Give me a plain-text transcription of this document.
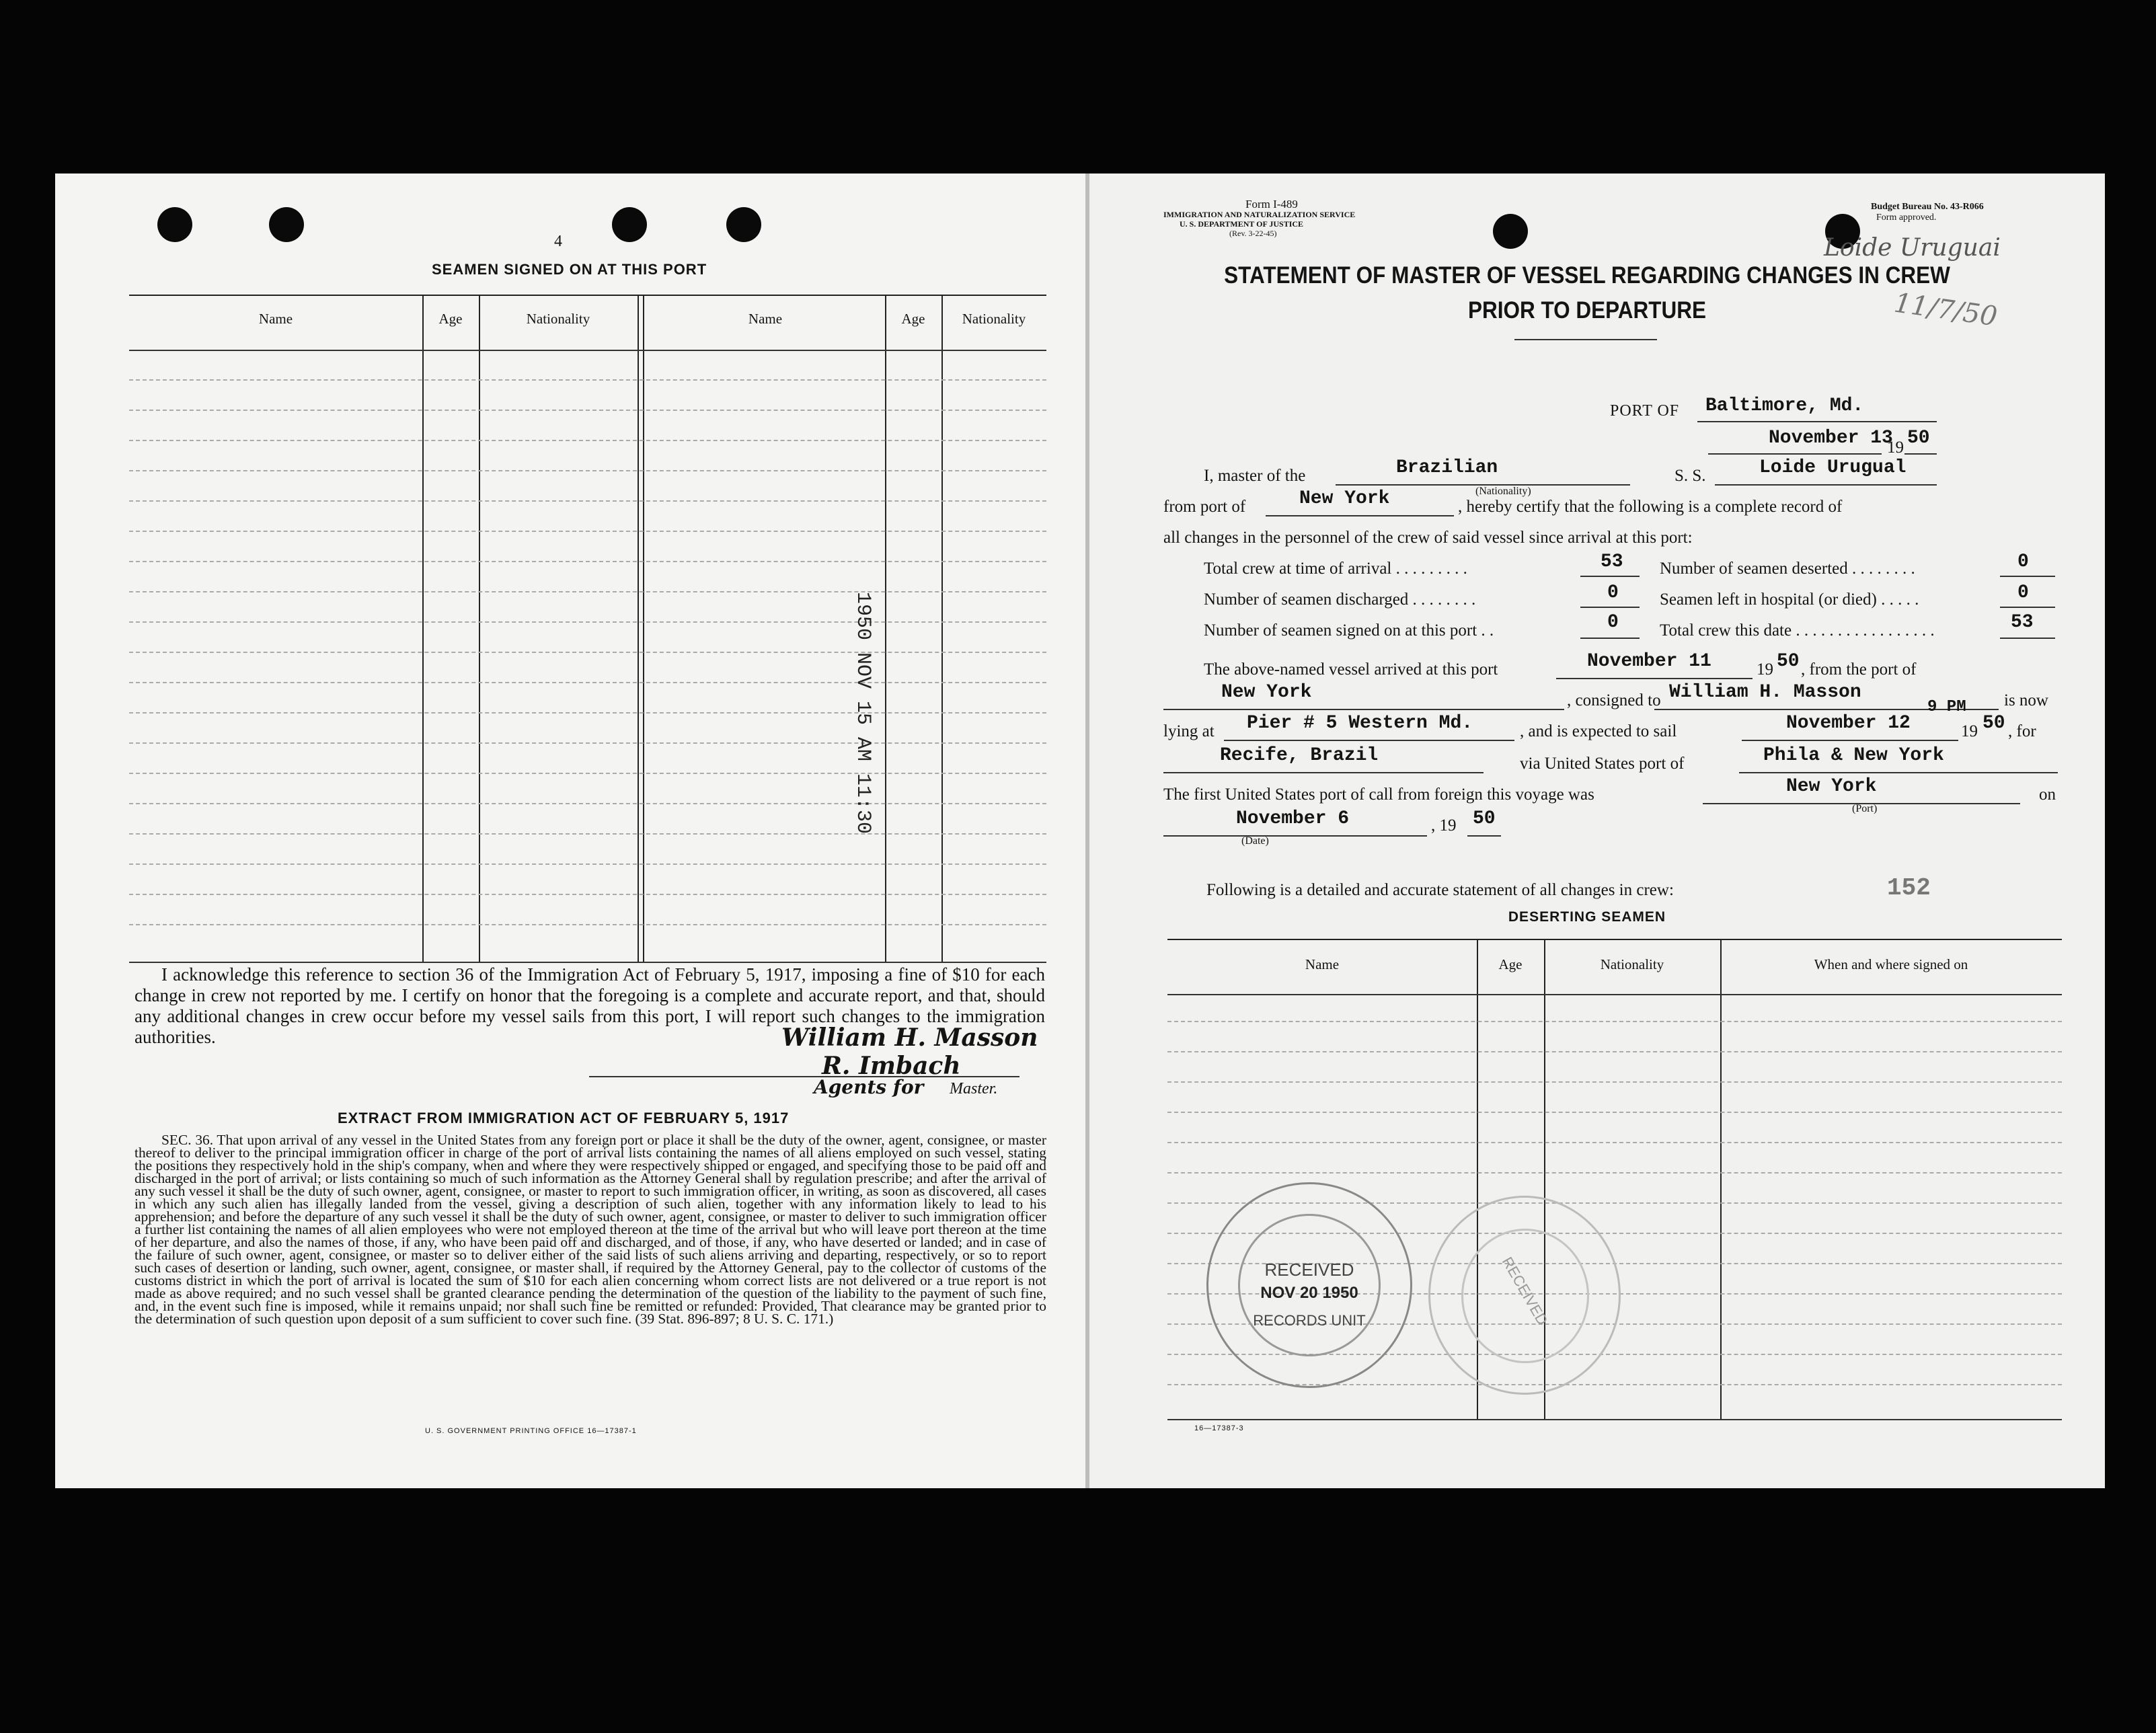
4
SEAMEN SIGNED ON AT THIS PORT
Name	Age	Nationality	Name	Age	Nationality
1950 NOV 15 AM 11:30
I acknowledge this reference to section 36 of the Immigration Act of February 5, 1917, imposing a fine of $10 for each change in crew not reported by me. I certify on honor that the foregoing is a complete and accurate report, and that, should any additional changes in crew occur before my vessel sails from this port, I will report such changes to the immigration authorities.	William H. Masson
R. Imbach
Agents for Master.
EXTRACT FROM IMMIGRATION ACT OF FEBRUARY 5, 1917
SEC. 36. That upon arrival of any vessel in the United States from any foreign port or place it shall be the duty of the owner, agent, consignee, or master thereof to deliver to the principal immigration officer in charge of the port of arrival lists containing the names of all aliens employed on such vessel, stating the positions they respectively hold in the ship's company, when and where they were respectively shipped or engaged, and specifying those to be paid off and discharged in the port of arrival; or lists containing so much of such information as the Attorney General shall by regulation prescribe; and after the arrival of any such vessel it shall be the duty of such owner, agent, consignee, or master to report to such immigration officer, in writing, as soon as discovered, all cases in which any such alien has illegally landed from the vessel, giving a description of such alien, together with any information likely to lead to his apprehension; and before the departure of any such vessel it shall be the duty of such owner, agent, consignee, or master to deliver to such immigration officer a further list containing the names of all alien employees who were not employed thereon at the time of the arrival but who will leave port thereon at the time of her departure, and also the names of those, if any, who have been paid off and discharged, and of those, if any, who have deserted or landed; and in case of the failure of such owner, agent, consignee, or master so to deliver either of the said lists of such aliens arriving and departing, respectively, or so to report such cases of desertion or landing, such owner, agent, consignee, or master shall, if required by the Attorney General, pay to the collector of customs of the customs district in which the port of arrival is located the sum of $10 for each alien concerning whom correct lists are not delivered or a true report is not made as above required; and no such vessel shall be granted clearance pending the determination of the question of the liability to the payment of such fine, and, in the event such fine is imposed, while it remains unpaid; nor shall such fine be remitted or refunded: Provided, That clearance may be granted prior to the determination of such question upon deposit of a sum sufficient to cover such fine. (39 Stat. 896-897; 8 U. S. C. 171.)
U. S. GOVERNMENT PRINTING OFFICE 16—17387-1
Form I-489
IMMIGRATION AND NATURALIZATION SERVICE
U. S. DEPARTMENT OF JUSTICE
(Rev. 3-22-45)
Budget Bureau No. 43-R066
Form approved.
Loide Uruguai
11/7/50
STATEMENT OF MASTER OF VESSEL REGARDING CHANGES IN CREW
PRIOR TO DEPARTURE
PORT OF Baltimore, Md.
November 13
19 50
I, master of the	Brazilian
(Nationality)
S. S.	Loide Urugual
from port of	New York	, hereby certify that the following is a complete record of
all changes in the personnel of the crew of said vessel since arrival at this port:
Total crew at time of arrival . . . . . . . . .	53 Number of seamen deserted . . . . . . . .	0
Number of seamen discharged . . . . . . . .	0 Seamen left in hospital (or died) . . . . .	0
Number of seamen signed on at this port . .	0 Total crew this date . . . . . . . . . . . . . . . . .	53
The above-named vessel arrived at this port	November 11	19 50 , from the port of
New York	, consigned to William H. Masson	is now
lying at Pier # 5 Western Md.	, and is expected to sail	November 12
9 PM
19 50 , for
Recife, Brazil	via United States port of	Phila & New York
The first United States port of call from foreign this voyage was	New York
(Port)
on
November 6
(Date)
, 19 50
Following is a detailed and accurate statement of all changes in crew:	152
DESERTING SEAMEN
Name	Age	Nationality	When and where signed on
RECEIVED
NOV 20 1950
RECORDS UNIT	RECEIVED
16—17387-3
